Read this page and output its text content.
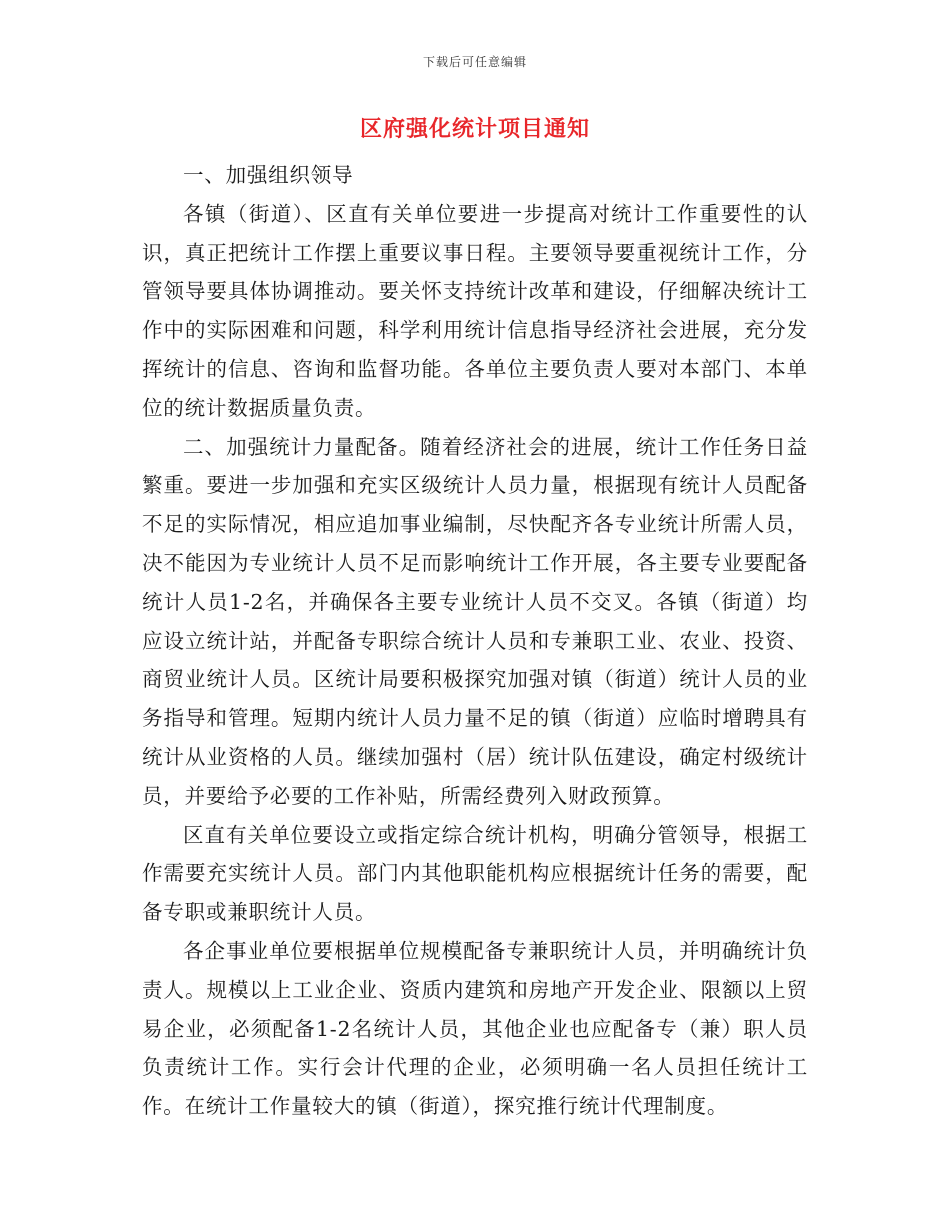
下载后可任意编辑
区府强化统计项目通知

一、加强组织领导

各镇（街道）、区直有关单位要进一步提高对统计工作重要性的认识，真正把统计工作摆上重要议事日程。主要领导要重视统计工作，分管领导要具体协调推动。要关怀支持统计改革和建设，仔细解决统计工作中的实际困难和问题，科学利用统计信息指导经济社会进展，充分发挥统计的信息、咨询和监督功能。各单位主要负责人要对本部门、本单位的统计数据质量负责。

二、加强统计力量配备。随着经济社会的进展，统计工作任务日益繁重。要进一步加强和充实区级统计人员力量，根据现有统计人员配备不足的实际情况，相应追加事业编制，尽快配齐各专业统计所需人员，决不能因为专业统计人员不足而影响统计工作开展，各主要专业要配备统计人员1-2名，并确保各主要专业统计人员不交叉。各镇（街道）均应设立统计站，并配备专职综合统计人员和专兼职工业、农业、投资、商贸业统计人员。区统计局要积极探究加强对镇（街道）统计人员的业务指导和管理。短期内统计人员力量不足的镇（街道）应临时增聘具有统计从业资格的人员。继续加强村（居）统计队伍建设，确定村级统计员，并要给予必要的工作补贴，所需经费列入财政预算。

区直有关单位要设立或指定综合统计机构，明确分管领导，根据工作需要充实统计人员。部门内其他职能机构应根据统计任务的需要，配备专职或兼职统计人员。

各企事业单位要根据单位规模配备专兼职统计人员，并明确统计负责人。规模以上工业企业、资质内建筑和房地产开发企业、限额以上贸易企业，必须配备1-2名统计人员，其他企业也应配备专（兼）职人员负责统计工作。实行会计代理的企业，必须明确一名人员担任统计工作。在统计工作量较大的镇（街道），探究推行统计代理制度。
